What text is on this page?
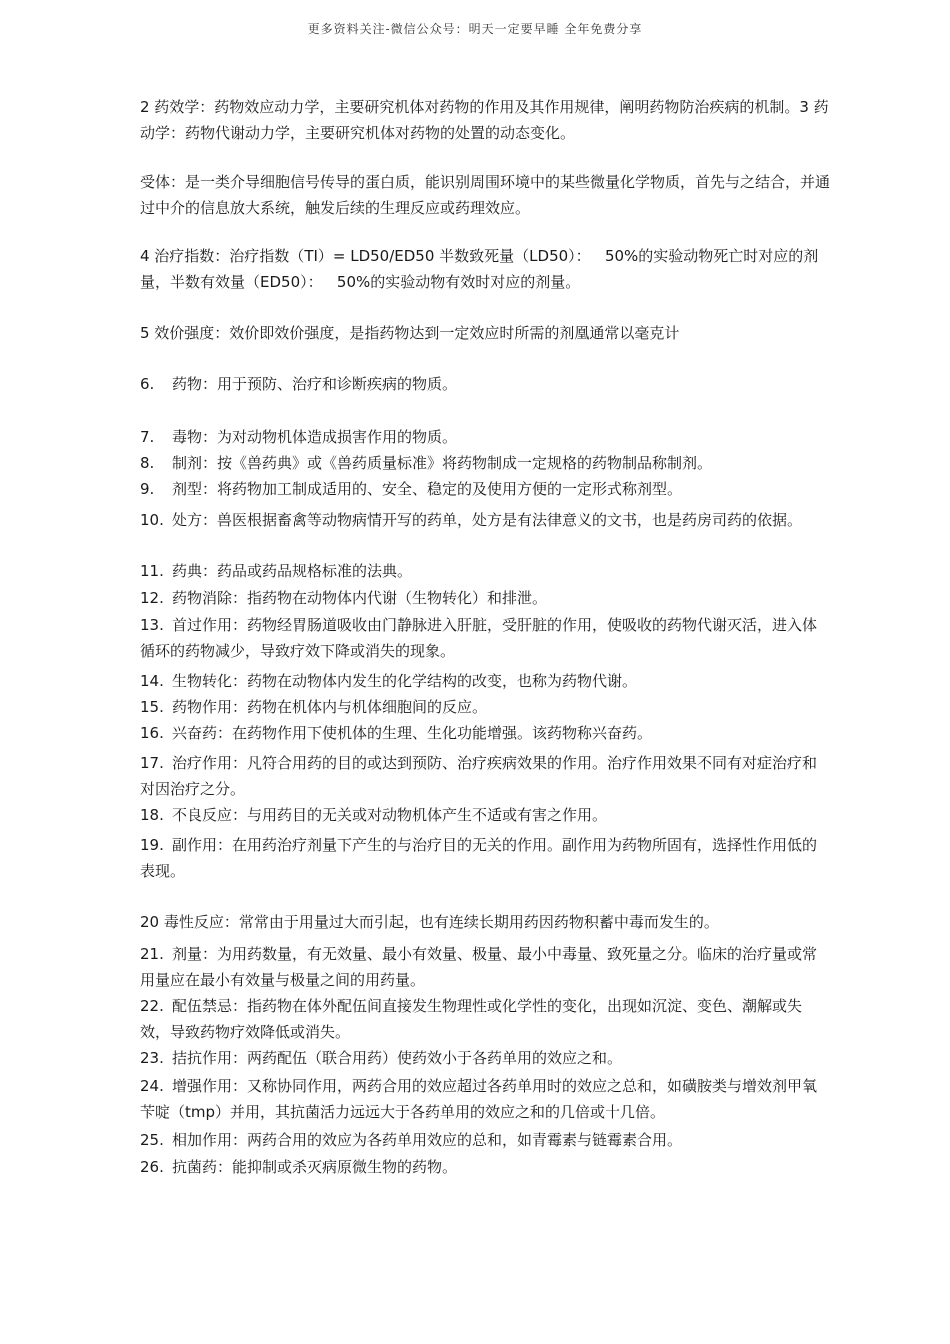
更多资料关注-微信公众号：明天一定要早睡 全年免费分享
2 药效学：药物效应动力学，主要研究机体对药物的作用及其作用规律，阐明药物防治疾病的机制。3 药动学：药物代谢动力学，主要研究机体对药物的处置的动态变化。
受体：是一类介导细胞信号传导的蛋白质，能识别周围环境中的某些微量化学物质，首先与之结合，并通过中介的信息放大系统，触发后续的生理反应或药理效应。
4 治疗指数：治疗指数（TI）= LD50/ED50 半数致死量（LD50）：   50%的实验动物死亡时对应的剂量，半数有效量（ED50）：   50%的实验动物有效时对应的剂量。
5 效价强度：效价即效价强度，是指药物达到一定效应时所需的剂凰通常以毫克计
6. 药物：用于预防、治疗和诊断疾病的物质。
7. 毒物：为对动物机体造成损害作用的物质。
8. 制剂：按《兽药典》或《兽药质量标准》将药物制成一定规格的药物制品称制剂。
9. 剂型：将药物加工制成适用的、安全、稳定的及使用方便的一定形式称剂型。
10. 处方：兽医根据畜禽等动物病情开写的药单，处方是有法律意义的文书，也是药房司药的依据。
11. 药典：药品或药品规格标准的法典。
12. 药物消除：指药物在动物体内代谢（生物转化）和排泄。
13. 首过作用：药物经胃肠道吸收由门静脉进入肝脏，受肝脏的作用，使吸收的药物代谢灭活，进入体循环的药物减少，导致疗效下降或消失的现象。
14. 生物转化：药物在动物体内发生的化学结构的改变，也称为药物代谢。
15. 药物作用：药物在机体内与机体细胞间的反应。
16. 兴奋药：在药物作用下使机体的生理、生化功能增强。该药物称兴奋药。
17. 治疗作用：凡符合用药的目的或达到预防、治疗疾病效果的作用。治疗作用效果不同有对症治疗和对因治疗之分。
18. 不良反应：与用药目的无关或对动物机体产生不适或有害之作用。
19. 副作用：在用药治疗剂量下产生的与治疗目的无关的作用。副作用为药物所固有，选择性作用低的表现。
20 毒性反应：常常由于用量过大而引起，也有连续长期用药因药物积蓄中毒而发生的。
21. 剂量：为用药数量，有无效量、最小有效量、极量、最小中毒量、致死量之分。临床的治疗量或常用量应在最小有效量与极量之间的用药量。
22. 配伍禁忌：指药物在体外配伍间直接发生物理性或化学性的变化，出现如沉淀、变色、潮解或失效，导致药物疗效降低或消失。
23. 拮抗作用：两药配伍（联合用药）使药效小于各药单用的效应之和。
24. 增强作用：又称协同作用，两药合用的效应超过各药单用时的效应之总和，如磺胺类与增效剂甲氧苄啶（tmp）并用，其抗菌活力远远大于各药单用的效应之和的几倍或十几倍。
25. 相加作用：两药合用的效应为各药单用效应的总和，如青霉素与链霉素合用。
26. 抗菌药：能抑制或杀灭病原微生物的药物。
